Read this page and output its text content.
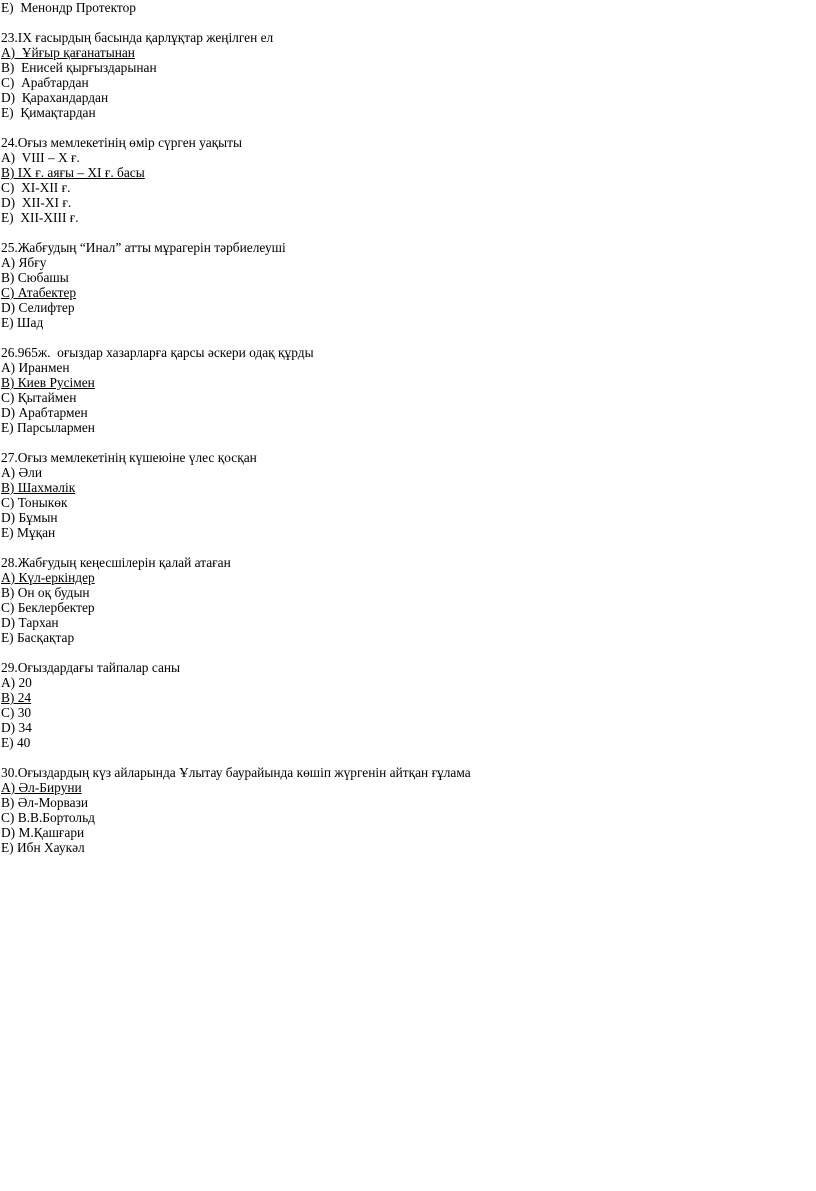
E)  Менондр Протектор
23.IX ғасырдың басында қарлұқтар жеңілген ел
A)  Ұйғыр қағанатынан
B)  Енисей қырғыздарынан
C)  Арабтардан
D)  Қарахандардан
E)  Қимақтардан
24.Оғыз мемлекетінің өмір сүрген уақыты
A)  VIII – X ғ.
B) IX ғ. аяғы – XI ғ. басы
C)  XI-XII ғ.
D)  XII-XI ғ.
E)  XII-XIII ғ.
25.Жабғудың “Инал” атты мұрагерін тәрбиелеуші
A) Ябғу
B) Сюбашы
C) Атабектер
D) Селифтер
E) Шад
26.965ж.  оғыздар хазарларға қарсы әскери одақ құрды
A) Иранмен
B) Киев Русімен
C) Қытаймен
D) Арабтармен
E) Парсылармен
27.Оғыз мемлекетінің күшеюіне үлес қосқан
A) Әли
B) Шахмәлік
C) Тоныкөк
D) Бұмын
E) Мұқан
28.Жабғудың кеңесшілерін қалай атаған
A) Күл-еркіндер
B) Он оқ будын
C) Беклербектер
D) Тархан
E) Басқақтар
29.Оғыздардағы тайпалар саны
A) 20
B) 24
C) 30
D) 34
E) 40
30.Оғыздардың күз айларында Ұлытау баурайында көшіп жүргенін айтқан ғұлама
A) Әл-Бируни
B) Әл-Морвази
C) В.В.Бортольд
D) М.Қашғари
E) Ибн Хаукәл
